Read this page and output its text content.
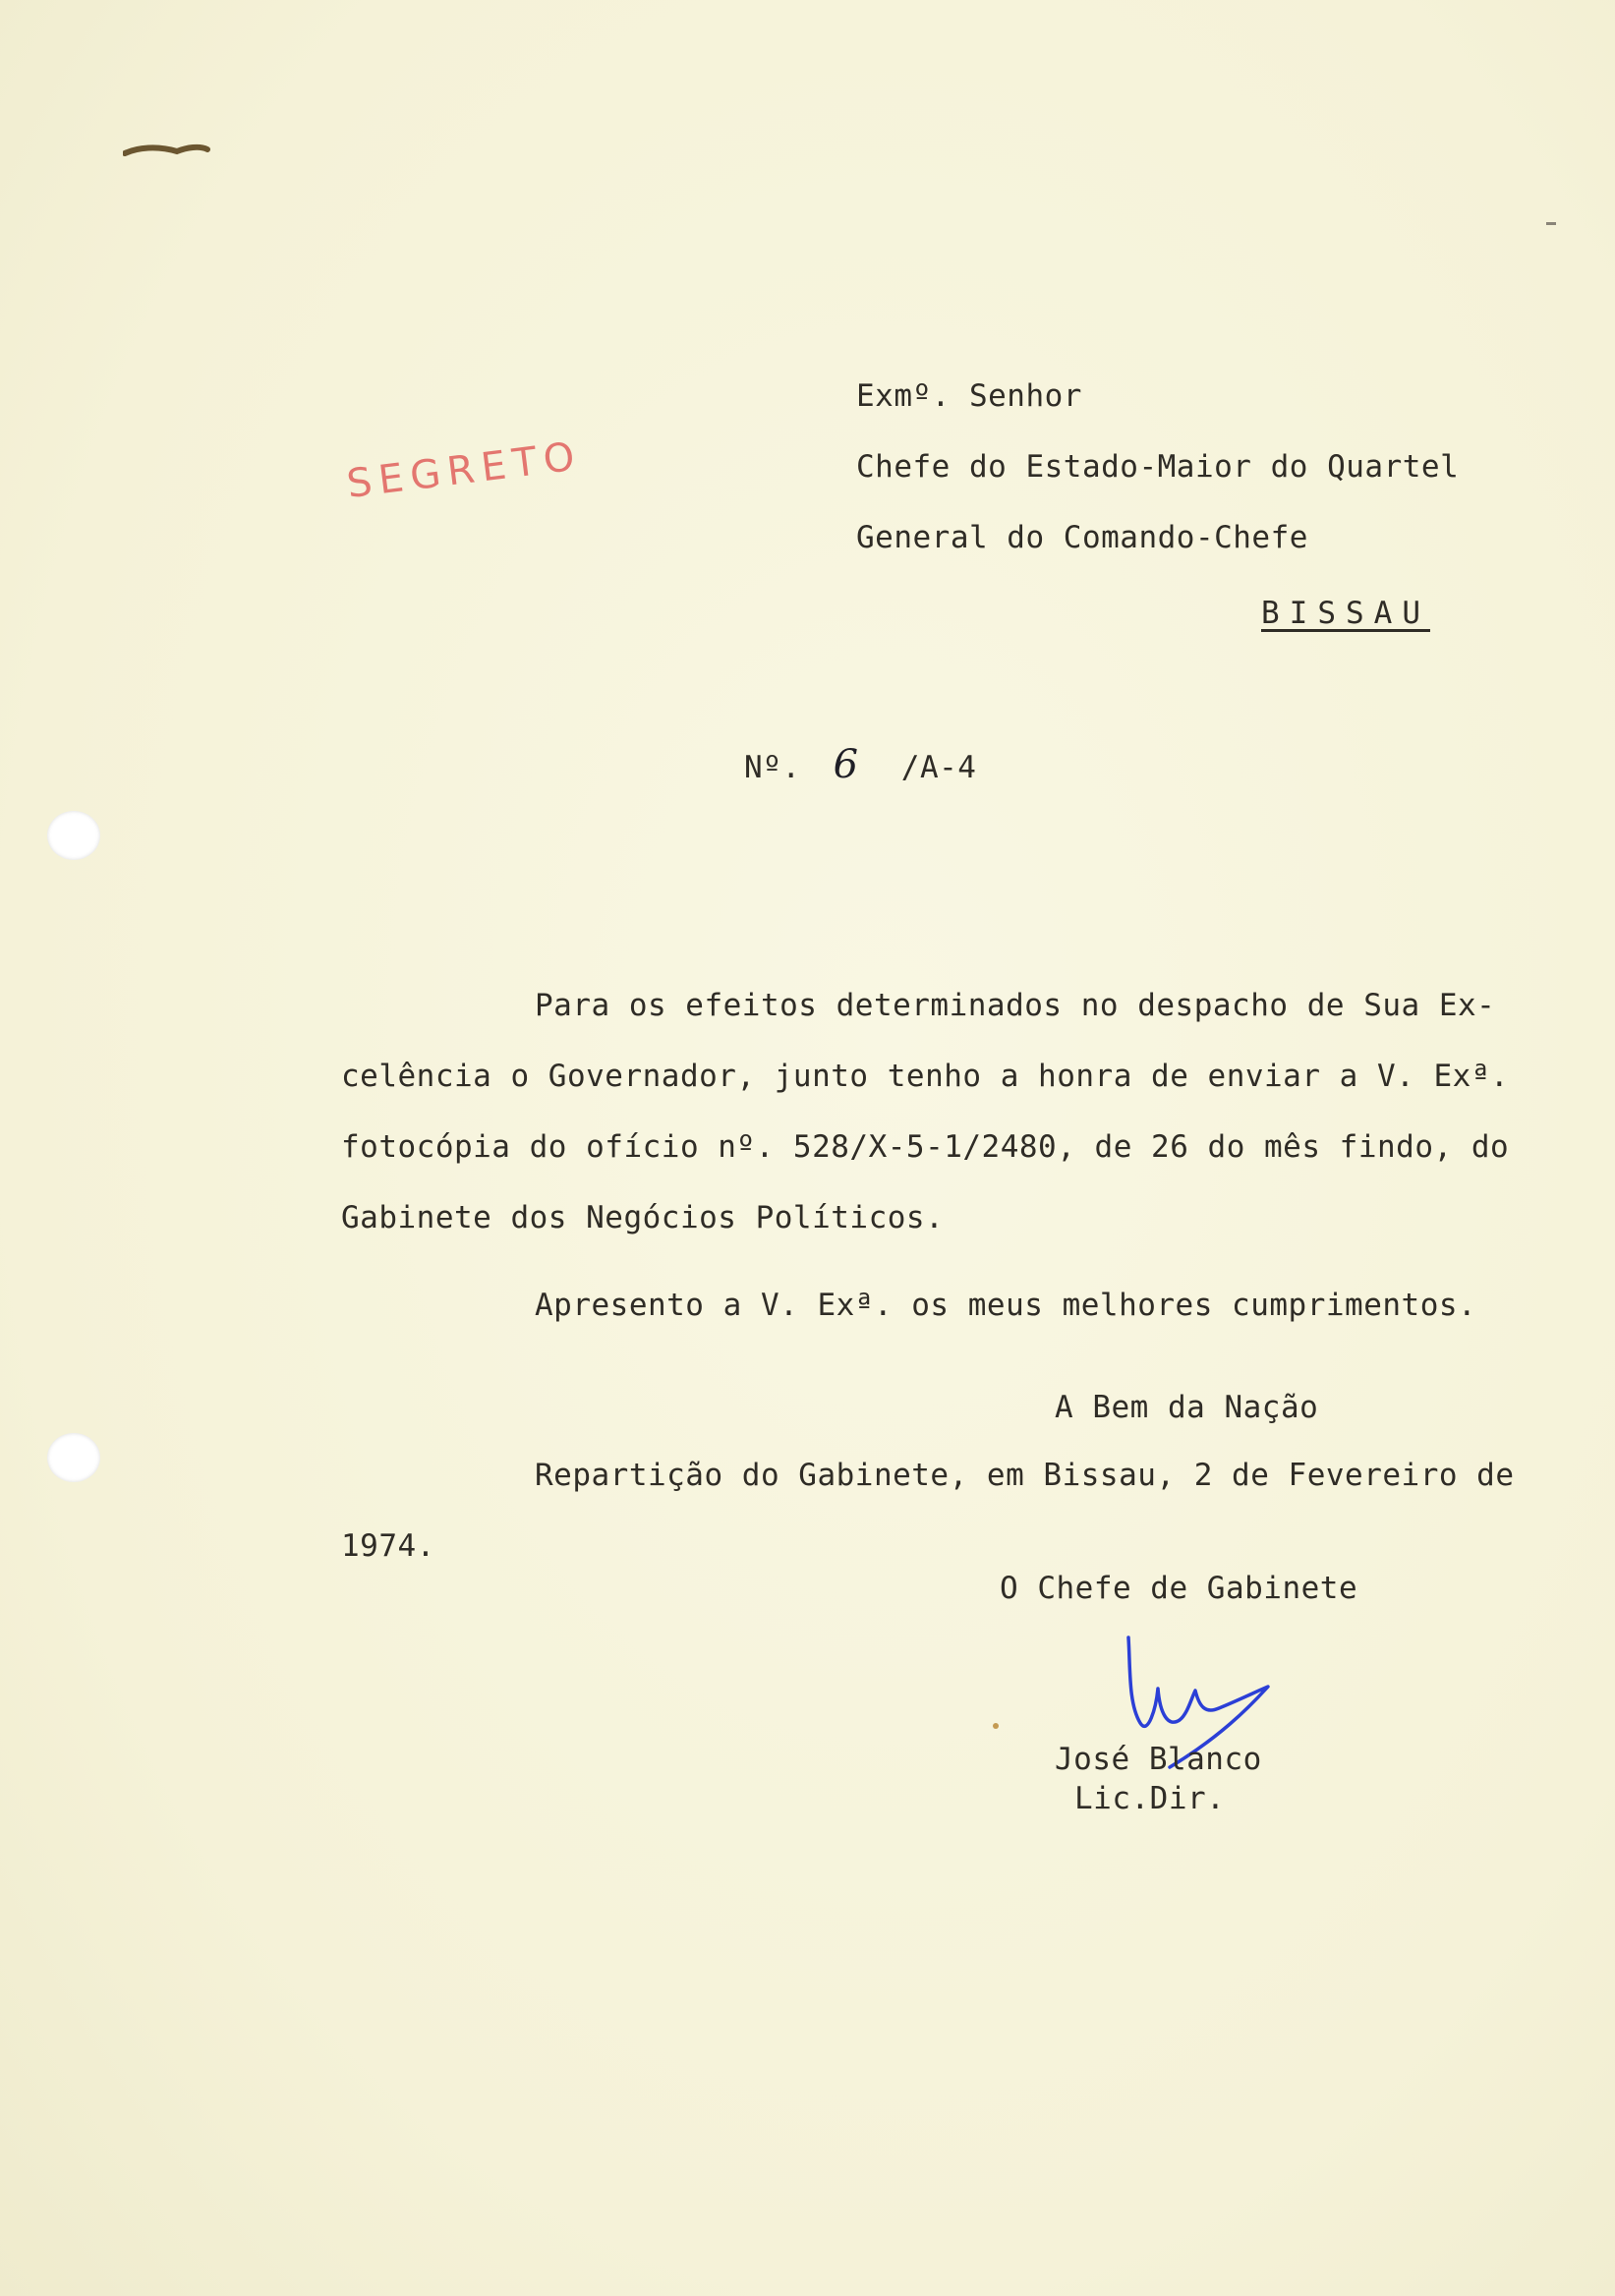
SEGRETO
Exmº. Senhor
Chefe do Estado-Maior do Quartel
General do Comando-Chefe
BISSAU
Nº. 6 /A-4
Para os efeitos determinados no despacho de Sua Ex-
celência o Governador, junto tenho a honra de enviar a V. Exª.
fotocópia do ofício nº. 528/X-5-1/2480, de 26 do mês findo, do
Gabinete dos Negócios Políticos.
Apresento a V. Exª. os meus melhores cumprimentos.
A Bem da Nação
Repartição do Gabinete, em Bissau, 2 de Fevereiro de
1974.
O Chefe de Gabinete
José Blanco
Lic.Dir.
